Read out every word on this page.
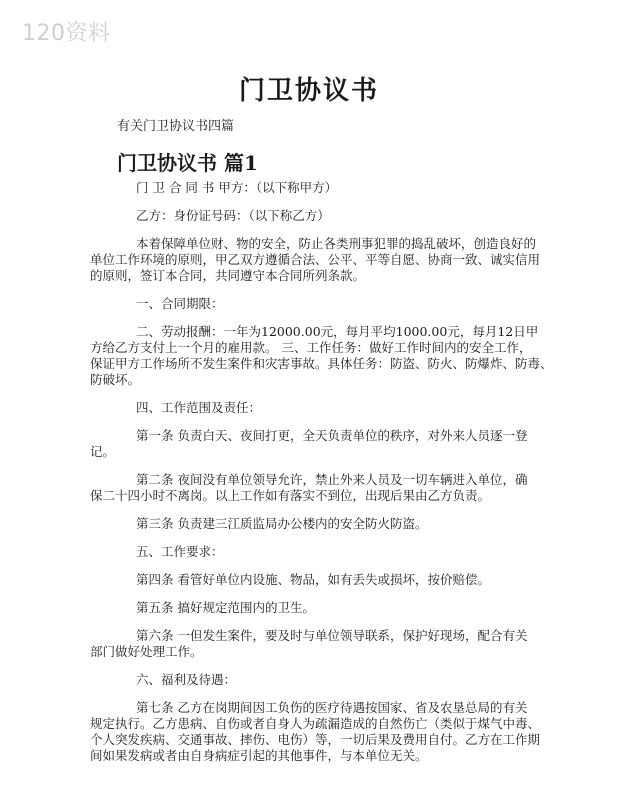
120资料
门卫协议书
有关门卫协议书四篇
门卫协议书 篇1
门 卫 合 同 书 甲方：（以下称甲方）
乙方：身份证号码：（以下称乙方）
本着保障单位财、物的安全，防止各类刑事犯罪的捣乱破坏，创造良好的
单位工作环境的原则，甲乙双方遵循合法、公平、平等自愿、协商一致、诚实信用
的原则，签订本合同，共同遵守本合同所列条款。
一、合同期限：
二、劳动报酬：一年为12000.00元，每月平均1000.00元，每月12日甲
方给乙方支付上一个月的雇用款。 三、工作任务：做好工作时间内的安全工作，
保证甲方工作场所不发生案件和灾害事故。具体任务：防盗、防火、防爆炸、防毒、
防破坏。
四、工作范围及责任：
第一条 负责白天、夜间打更，全天负责单位的秩序，对外来人员逐一登
记。
第二条 夜间没有单位领导允许，禁止外来人员及一切车辆进入单位，确
保二十四小时不离岗。以上工作如有落实不到位，出现后果由乙方负责。
第三条 负责建三江质监局办公楼内的安全防火防盗。
五、工作要求：
第四条 看管好单位内设施、物品，如有丢失或损坏，按价赔偿。
第五条 搞好规定范围内的卫生。
第六条 一但发生案件，要及时与单位领导联系，保护好现场，配合有关
部门做好处理工作。
六、福利及待遇：
第七条 乙方在岗期间因工负伤的医疗待遇按国家、省及农垦总局的有关
规定执行。乙方患病、自伤或者自身人为疏漏造成的自然伤亡（类似于煤气中毒、
个人突发疾病、交通事故、摔伤、电伤）等，一切后果及费用自付。乙方在工作期
间如果发病或者由自身病症引起的其他事件，与本单位无关。
